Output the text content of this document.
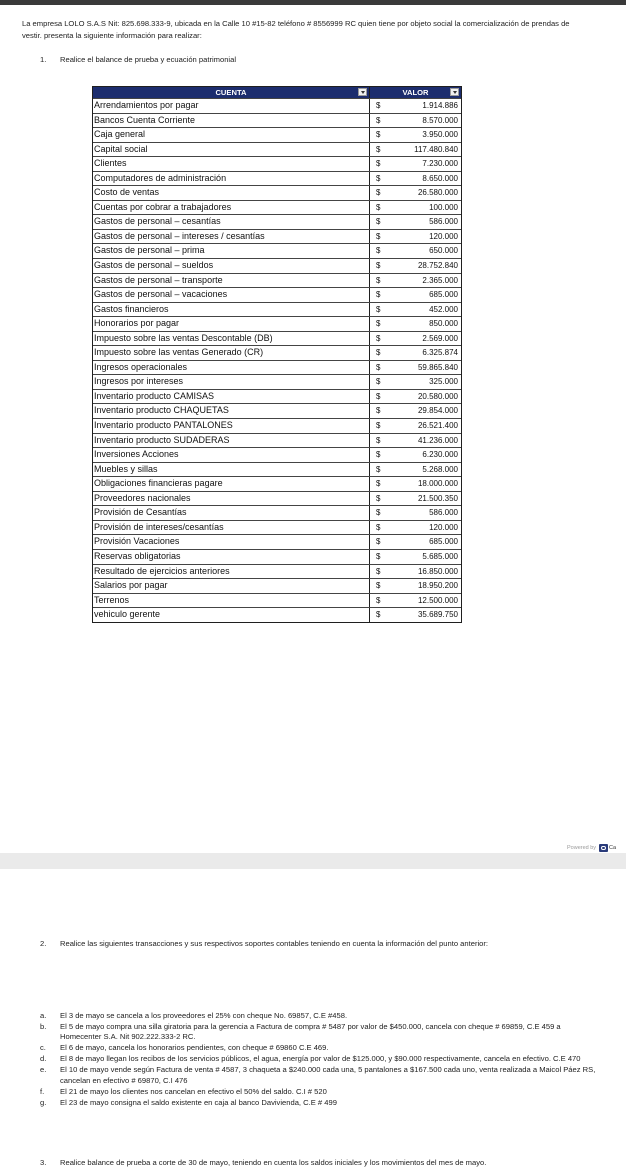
La empresa LOLO S.A.S Nit: 825.698.333-9, ubicada en la Calle 10 #15-82 teléfono # 8556999 RC quien tiene por objeto social la comercialización de prendas de vestir. presenta la siguiente información para realizar:
1. Realice el balance de prueba y ecuación patrimonial
CUENTA	VALOR
Arrendamientos por pagar	$	1.914.886
Bancos Cuenta Corriente	$	8.570.000
Caja general	$	3.950.000
Capital social	$	117.480.840
Clientes	$	7.230.000
Computadores de administración	$	8.650.000
Costo de ventas	$	26.580.000
Cuentas por cobrar a trabajadores	$	100.000
Gastos de personal – cesantías	$	586.000
Gastos de personal – intereses / cesantías	$	120.000
Gastos de personal – prima	$	650.000
Gastos de personal – sueldos	$	28.752.840
Gastos de personal – transporte	$	2.365.000
Gastos de personal – vacaciones	$	685.000
Gastos financieros	$	452.000
Honorarios por pagar	$	850.000
Impuesto sobre las ventas Descontable (DB)	$	2.569.000
Impuesto sobre las ventas Generado (CR)	$	6.325.874
Ingresos operacionales	$	59.865.840
Ingresos por intereses	$	325.000
Inventario producto CAMISAS	$	20.580.000
Inventario producto CHAQUETAS	$	29.854.000
Inventario producto PANTALONES	$	26.521.400
Inventario producto SUDADERAS	$	41.236.000
Inversiones Acciones	$	6.230.000
Muebles y sillas	$	5.268.000
Obligaciones financieras pagare	$	18.000.000
Proveedores nacionales	$	21.500.350
Provisión de Cesantías	$	586.000
Provisión de intereses/cesantías	$	120.000
Provisión Vacaciones	$	685.000
Reservas obligatorias	$	5.685.000
Resultado de ejercicios anteriores	$	16.850.000
Salarios por pagar	$	18.950.200
Terrenos	$	12.500.000
vehiculo gerente	$	35.689.750
Powered by Ca
2. Realice las siguientes transacciones y sus respectivos soportes contables teniendo en cuenta la información del punto anterior:
a.	El 3 de mayo se cancela a los proveedores el 25% con cheque No. 69857, C.E #458.
b.	El 5 de mayo compra una silla giratoria para la gerencia a Factura de compra # 5487 por valor de $450.000, cancela con cheque # 69859, C.E 459 a Homecenter S.A. Nit 902.222.333-2 RC.
c.	El 6 de mayo, cancela los honorarios pendientes, con cheque # 69860 C.E 469.
d.	El 8 de mayo llegan los recibos de los servicios públicos, el agua, energía por valor de $125.000, y $90.000 respectivamente, cancela en efectivo. C.E 470
e.	El 10 de mayo vende según Factura de venta # 4587, 3 chaqueta a $240.000 cada una, 5 pantalones a $167.500 cada uno, venta realizada a Maicol Páez RS, cancelan en efectivo # 69870, C.I 476
f.	El 21 de mayo los clientes nos cancelan en efectivo el 50% del saldo. C.I # 520
g.	El 23 de mayo consigna el saldo existente en caja al banco Davivienda, C.E # 499
3. Realice balance de prueba a corte de 30 de mayo, teniendo en cuenta los saldos iniciales y los movimientos del mes de mayo.
